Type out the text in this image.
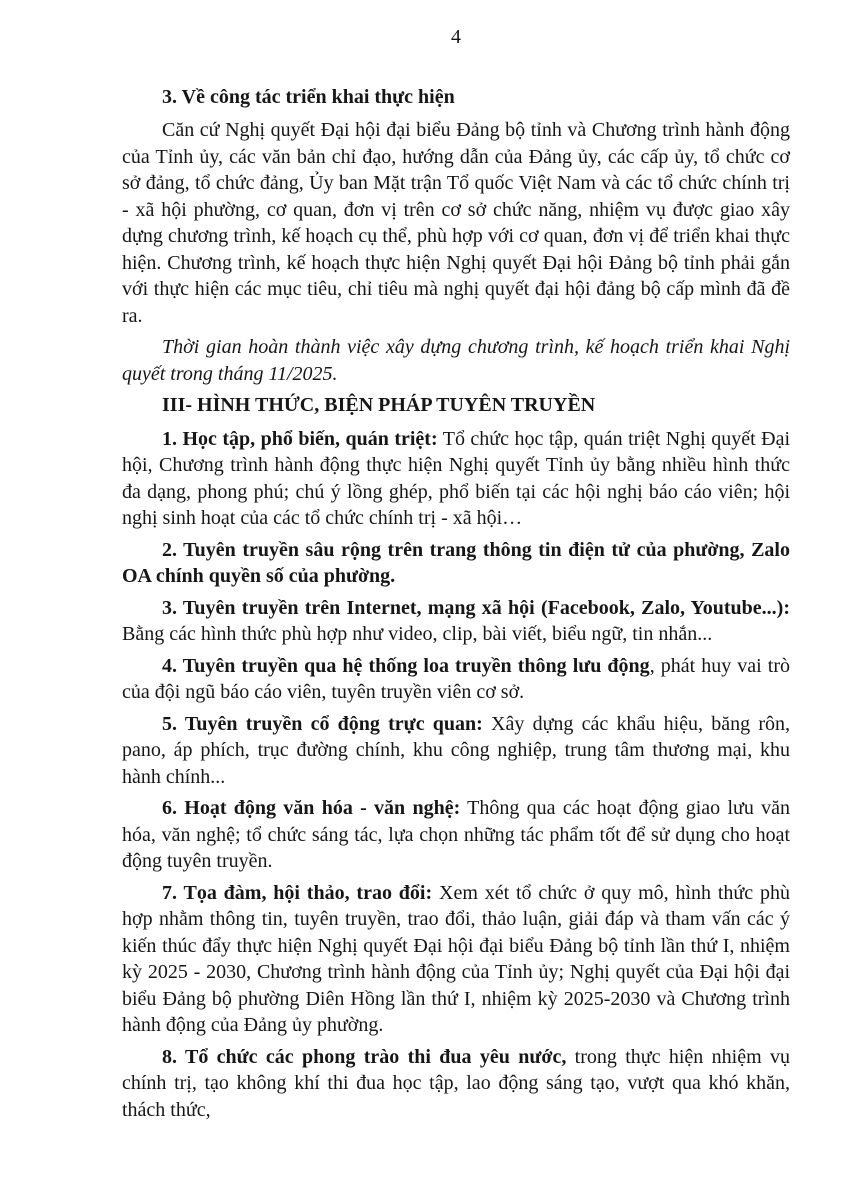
4

3. Về công tác triển khai thực hiện

Căn cứ Nghị quyết Đại hội đại biểu Đảng bộ tỉnh và Chương trình hành động của Tỉnh ủy, các văn bản chỉ đạo, hướng dẫn của Đảng ủy, các cấp ủy, tổ chức cơ sở đảng, tổ chức đảng, Ủy ban Mặt trận Tổ quốc Việt Nam và các tổ chức chính trị - xã hội phường, cơ quan, đơn vị trên cơ sở chức năng, nhiệm vụ được giao xây dựng chương trình, kế hoạch cụ thể, phù hợp với cơ quan, đơn vị để triển khai thực hiện. Chương trình, kế hoạch thực hiện Nghị quyết Đại hội Đảng bộ tỉnh phải gắn với thực hiện các mục tiêu, chỉ tiêu mà nghị quyết đại hội đảng bộ cấp mình đã đề ra.

Thời gian hoàn thành việc xây dựng chương trình, kế hoạch triển khai Nghị quyết trong tháng 11/2025.

III- HÌNH THỨC, BIỆN PHÁP TUYÊN TRUYỀN

1. Học tập, phổ biến, quán triệt: Tổ chức học tập, quán triệt Nghị quyết Đại hội, Chương trình hành động thực hiện Nghị quyết Tỉnh ủy bằng nhiều hình thức đa dạng, phong phú; chú ý lồng ghép, phổ biến tại các hội nghị báo cáo viên; hội nghị sinh hoạt của các tổ chức chính trị - xã hội…

2. Tuyên truyền sâu rộng trên trang thông tin điện tử của phường, Zalo OA chính quyền số của phường.

3. Tuyên truyền trên Internet, mạng xã hội (Facebook, Zalo, Youtube...): Bằng các hình thức phù hợp như video, clip, bài viết, biểu ngữ, tin nhắn...

4. Tuyên truyền qua hệ thống loa truyền thông lưu động, phát huy vai trò của đội ngũ báo cáo viên, tuyên truyền viên cơ sở.

5. Tuyên truyền cổ động trực quan: Xây dựng các khẩu hiệu, băng rôn, pano, áp phích, trục đường chính, khu công nghiệp, trung tâm thương mại, khu hành chính...

6. Hoạt động văn hóa - văn nghệ: Thông qua các hoạt động giao lưu văn hóa, văn nghệ; tổ chức sáng tác, lựa chọn những tác phẩm tốt để sử dụng cho hoạt động tuyên truyền.

7. Tọa đàm, hội thảo, trao đổi: Xem xét tổ chức ở quy mô, hình thức phù hợp nhằm thông tin, tuyên truyền, trao đổi, thảo luận, giải đáp và tham vấn các ý kiến thúc đẩy thực hiện Nghị quyết Đại hội đại biểu Đảng bộ tỉnh lần thứ I, nhiệm kỳ 2025 - 2030, Chương trình hành động của Tỉnh ủy; Nghị quyết của Đại hội đại biểu Đảng bộ phường Diên Hồng lần thứ I, nhiệm kỳ 2025-2030 và Chương trình hành động của Đảng ủy phường.

8. Tổ chức các phong trào thi đua yêu nước, trong thực hiện nhiệm vụ chính trị, tạo không khí thi đua học tập, lao động sáng tạo, vượt qua khó khăn, thách thức,
